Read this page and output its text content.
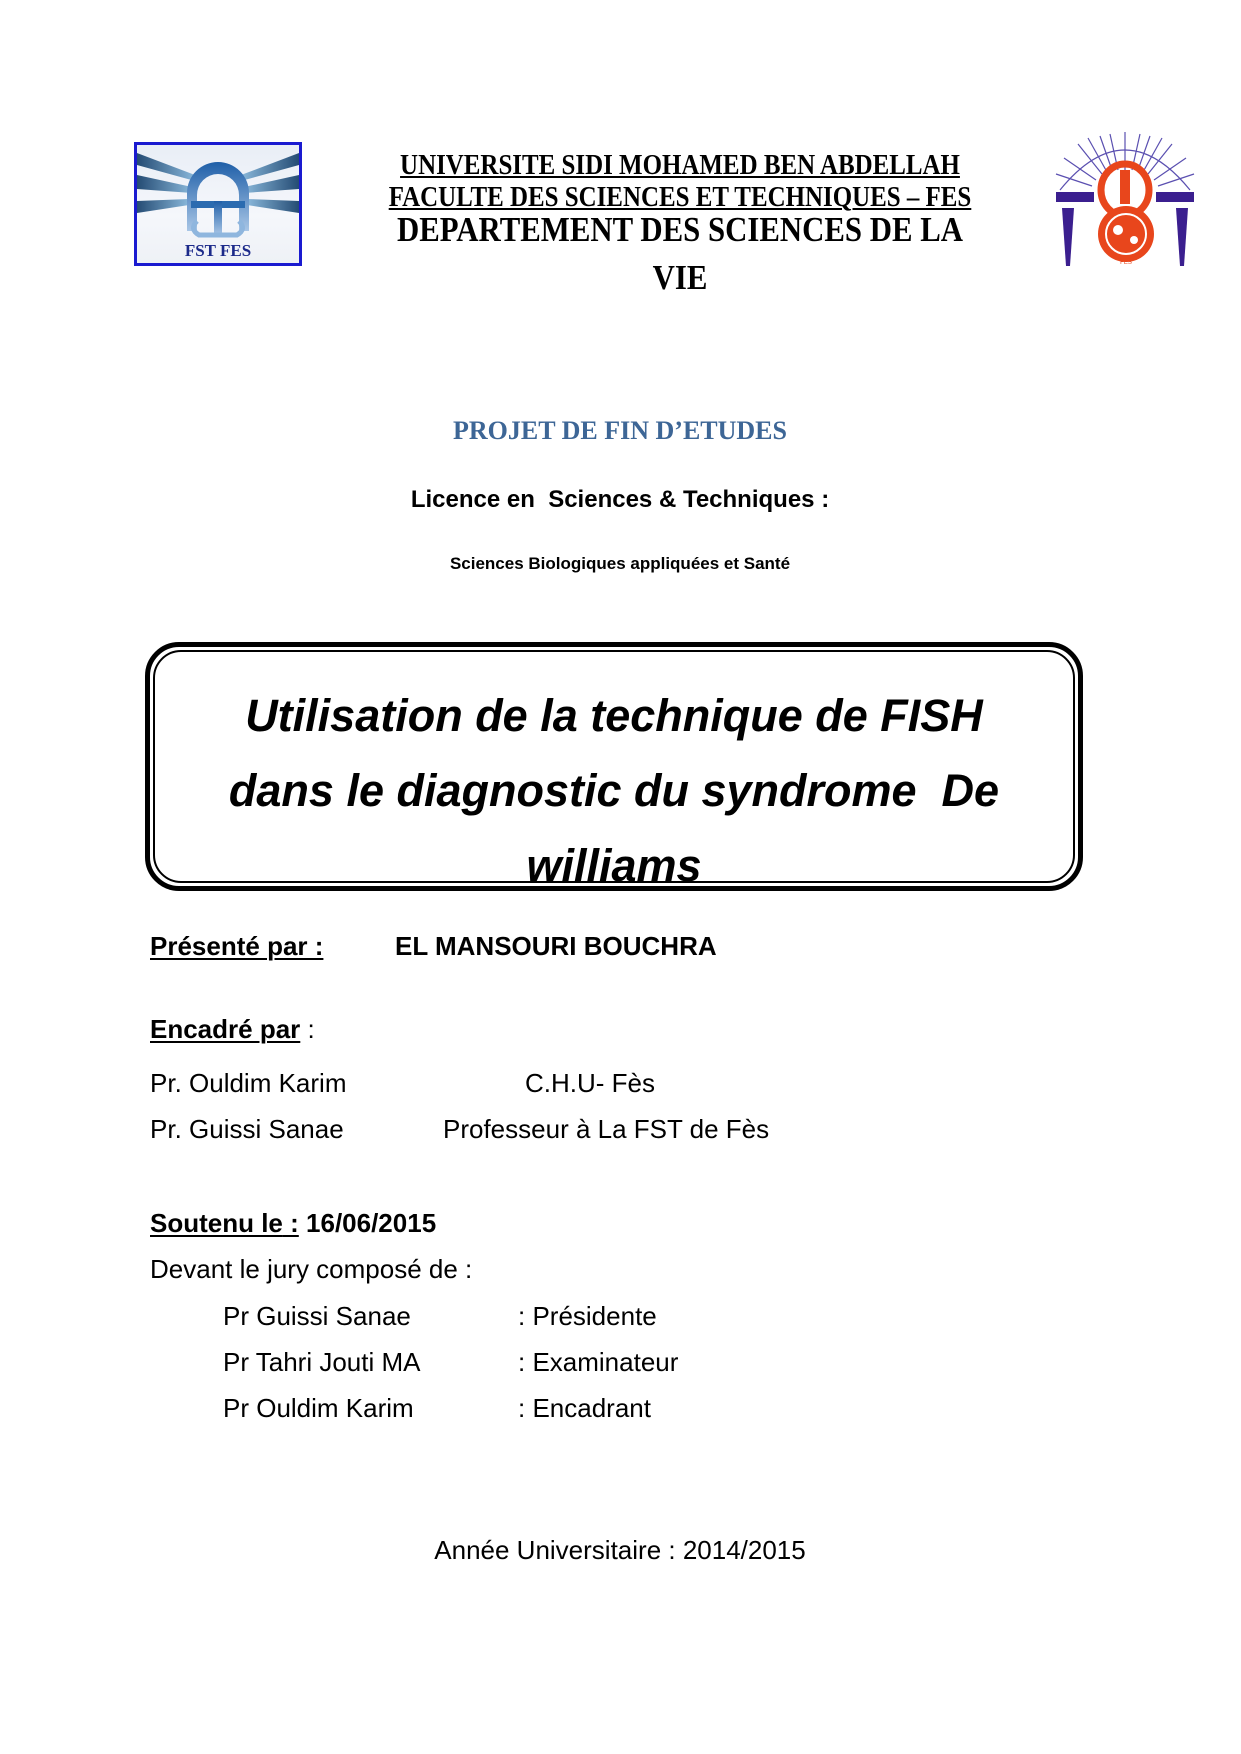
FST FES
FES
UNIVERSITE SIDI MOHAMED BEN ABDELLAH
FACULTE DES SCIENCES ET TECHNIQUES – FES
DEPARTEMENT DES SCIENCES DE LA
VIE
PROJET DE FIN D’ETUDES
Licence en  Sciences & Techniques :
Sciences Biologiques appliquées et Santé
Utilisation de la technique de FISH
dans le diagnostic du syndrome  De
williams
Présenté par :	EL MANSOURI BOUCHRA
Encadré par :
Pr. Ouldim Karim	C.H.U- Fès
Pr. Guissi Sanae	Professeur à La FST de Fès
Soutenu le : 16/06/2015
Devant le jury composé de :
Pr Guissi Sanae	: Présidente
Pr Tahri Jouti MA	: Examinateur
Pr Ouldim Karim	: Encadrant
Année Universitaire : 2014/2015
